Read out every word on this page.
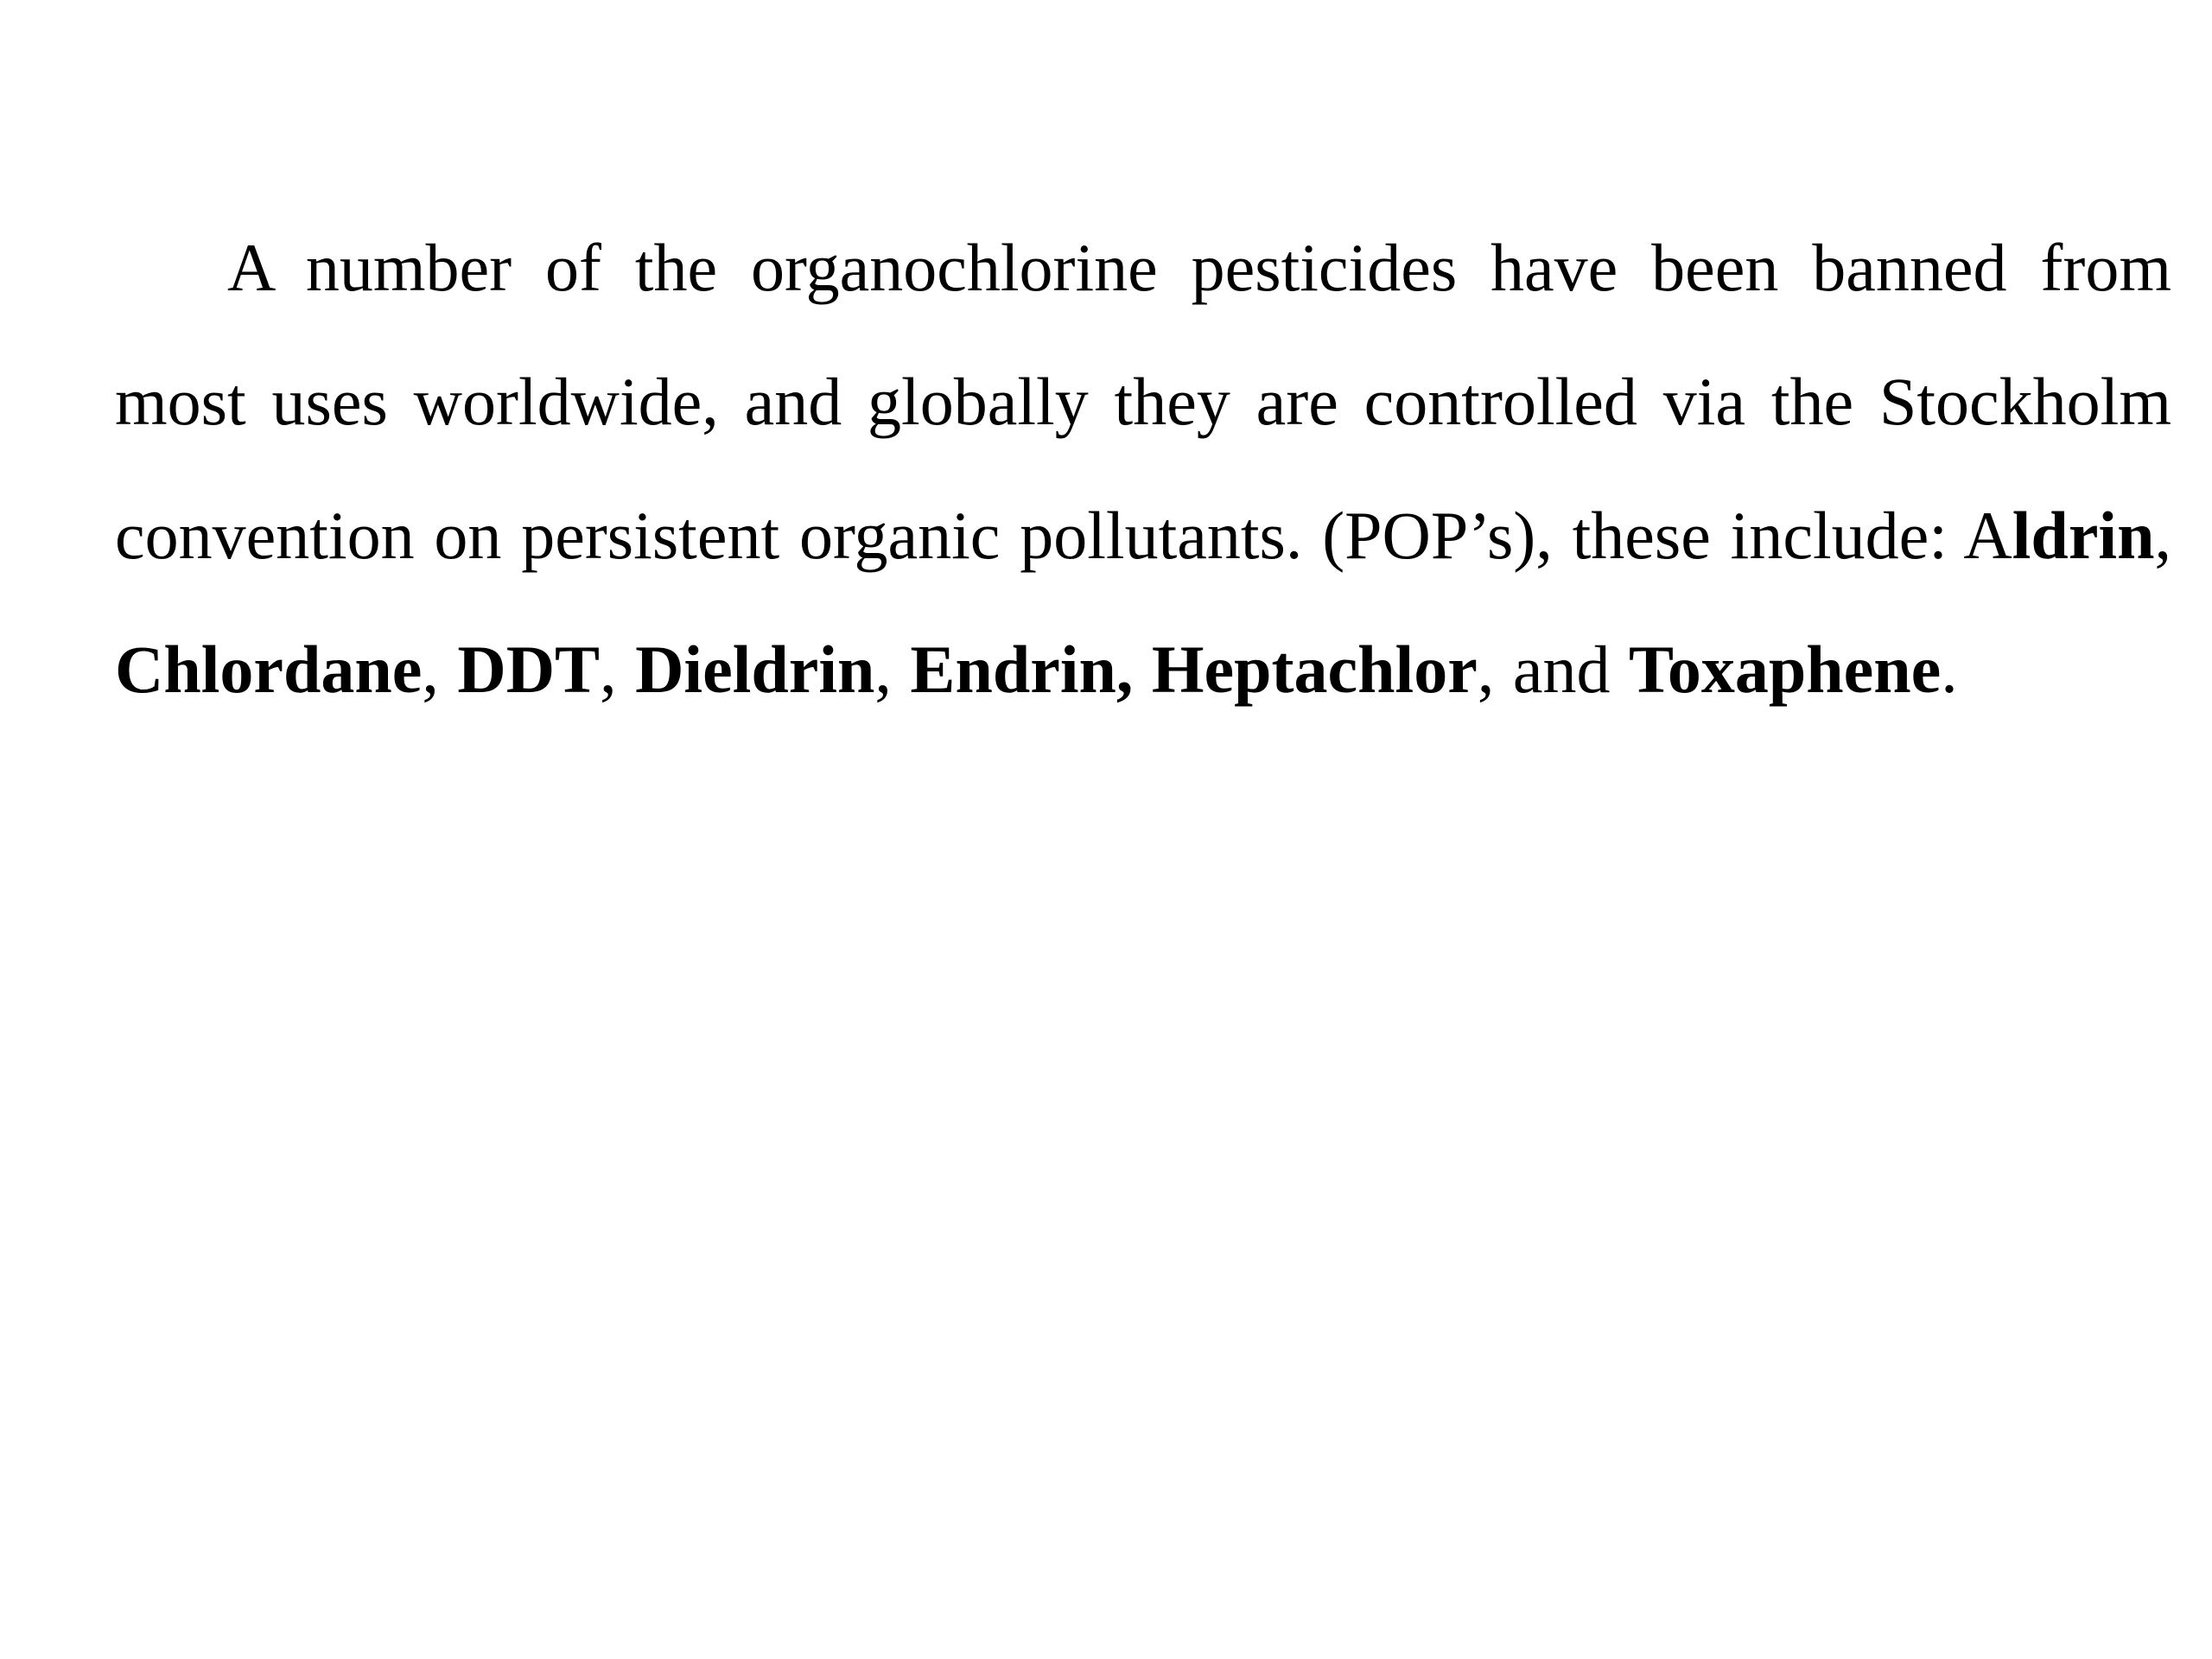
A number of the organochlorine pesticides have been banned from most uses worldwide, and globally they are controlled via the Stockholm convention on persistent organic pollutants. (POP’s), these include: Aldrin, Chlordane, DDT, Dieldrin, Endrin, Heptachlor, and Toxaphene.
